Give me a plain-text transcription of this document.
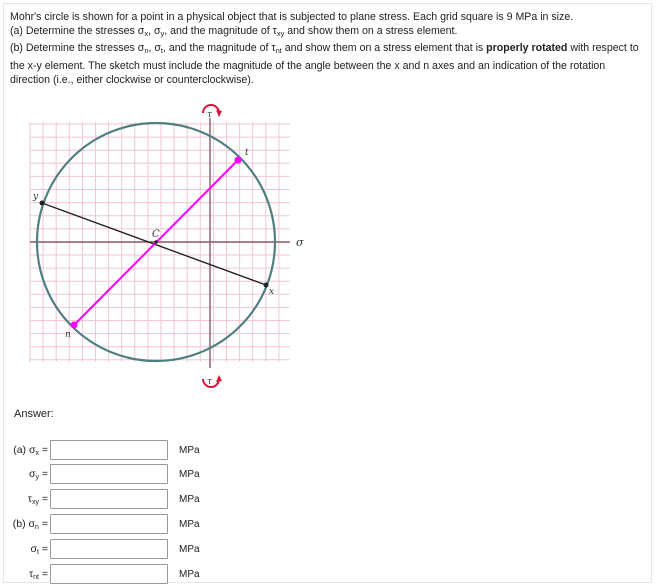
Mohr's circle is shown for a point in a physical object that is subjected to plane stress. Each grid square is 9 MPa in size.

(a) Determine the stresses $\sigma_x$, $\sigma_y$, and the magnitude of $\tau_{xy}$ and show them on a stress element.

(b) Determine the stresses $\sigma_n$, $\sigma_t$, and the magnitude of $\tau_{nt}$ and show them on a stress element that is properly rotated with respect to the x-y element. The sketch must include the magnitude of the angle between the x and n axes and an indication of the rotation direction (i.e., either clockwise or counterclockwise).

τ
τ
σ
C
x
y
t
n
Answer:
(a) $\sigma_x$ =	MPa
$\sigma_y$ =	MPa
$\tau_{xy}$ =	MPa
(b) $\sigma_n$ =	MPa
$\sigma_t$ =	MPa
$\tau_{nt}$ =	MPa
